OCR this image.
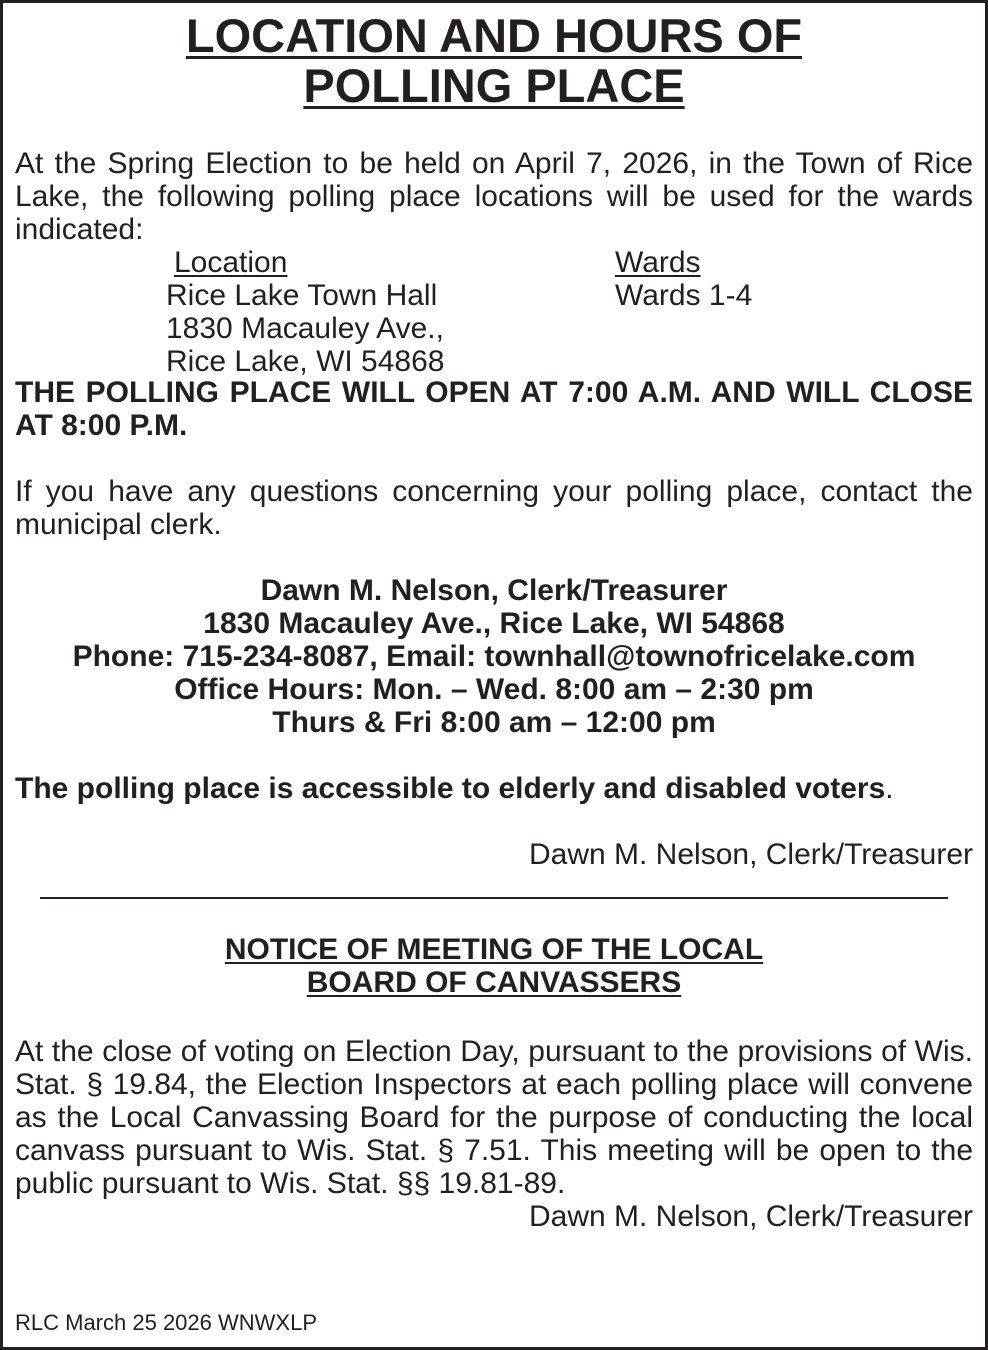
LOCATION AND HOURS OF
POLLING PLACE

At the Spring Election to be held on April 7, 2026, in the Town of Rice Lake, the following polling place locations will be used for the wards indicated:

Location
Rice Lake Town Hall
1830 Macauley Ave.,
Rice Lake, WI 54868
Wards
Wards 1-4

THE POLLING PLACE WILL OPEN AT 7:00 A.M. AND WILL CLOSE AT 8:00 P.M.

If you have any questions concerning your polling place, contact the municipal clerk.

Dawn M. Nelson, Clerk/Treasurer
1830 Macauley Ave., Rice Lake, WI 54868
Phone: 715-234-8087, Email: townhall@townofricelake.com
Office Hours: Mon. – Wed. 8:00 am – 2:30 pm
Thurs & Fri 8:00 am – 12:00 pm

The polling place is accessible to elderly and disabled voters.

Dawn M. Nelson, Clerk/Treasurer
NOTICE OF MEETING OF THE LOCAL
BOARD OF CANVASSERS

At the close of voting on Election Day, pursuant to the provisions of Wis. Stat. § 19.84, the Election Inspectors at each polling place will convene as the Local Canvassing Board for the purpose of conducting the local canvass pursuant to Wis. Stat. § 7.51. This meeting will be open to the public pursuant to Wis. Stat. §§ 19.81-89.

Dawn M. Nelson, Clerk/Treasurer
RLC March 25 2026 WNWXLP
